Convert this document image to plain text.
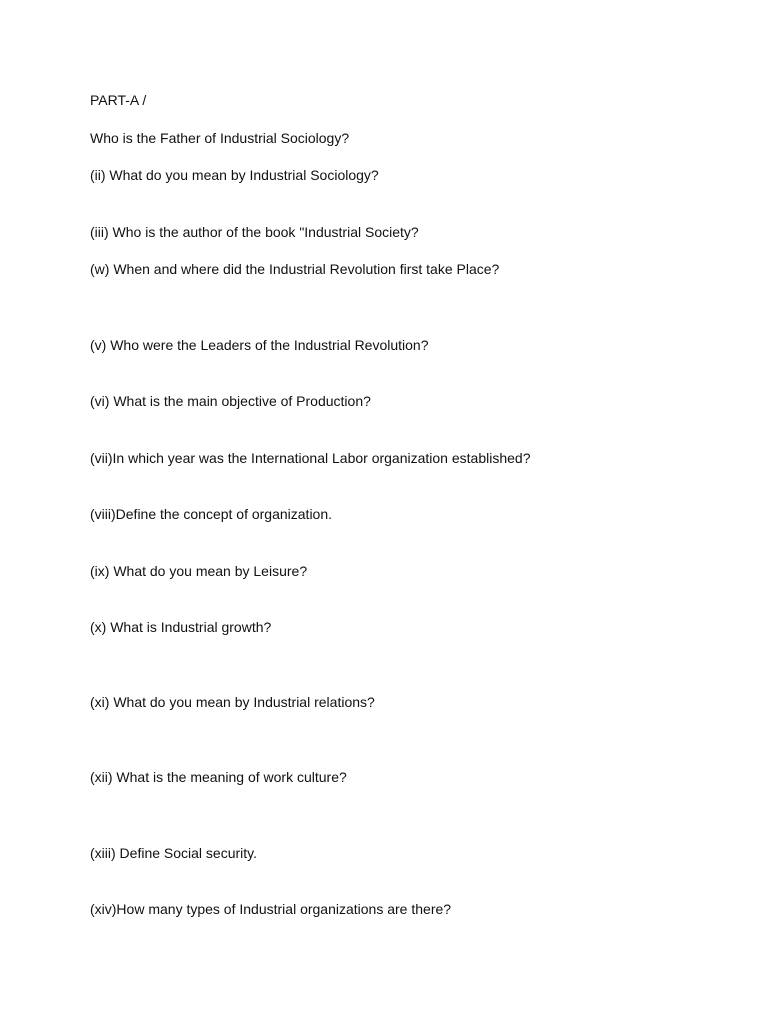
PART-A /
Who is the Father of Industrial Sociology?
(ii) What do you mean by Industrial Sociology?
(iii) Who is the author of the book "Industrial Society?
(w) When and where did the Industrial Revolution first take Place?
(v) Who were the Leaders of the Industrial Revolution?
(vi) What is the main objective of Production?
(vii)In which year was the International Labor organization established?
(viii)Define the concept of organization.
(ix) What do you mean by Leisure?
(x) What is Industrial growth?
(xi) What do you mean by Industrial relations?
(xii) What is the meaning of work culture?
(xiii) Define Social security.
(xiv)How many types of Industrial organizations are there?
